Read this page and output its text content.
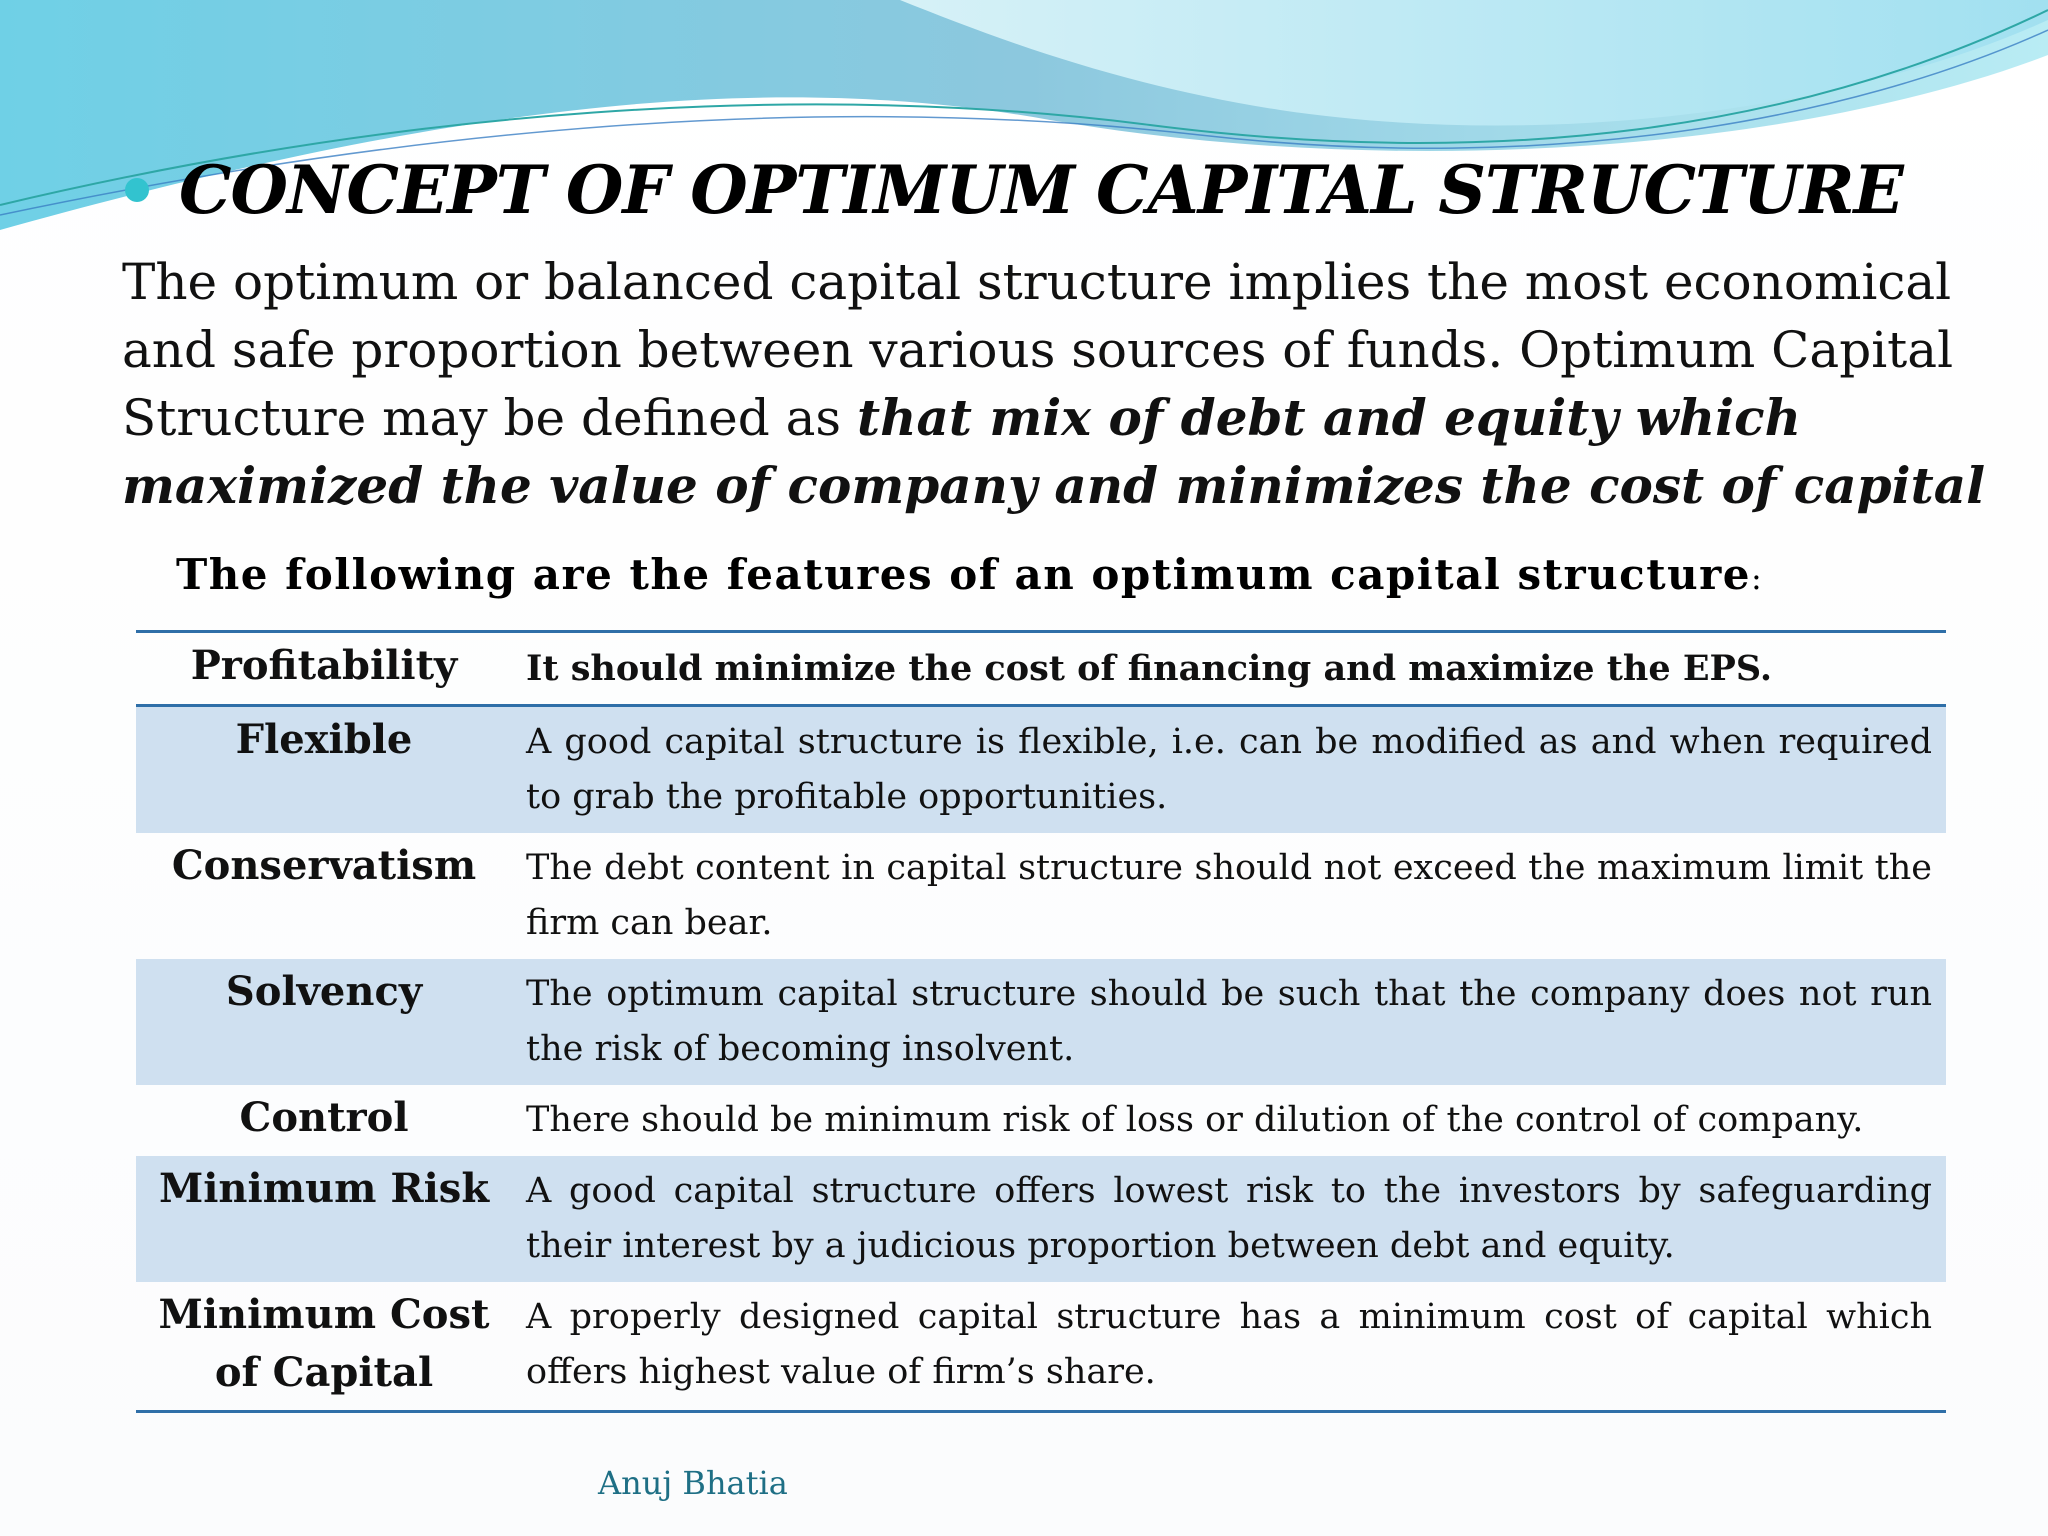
CONCEPT OF OPTIMUM CAPITAL STRUCTURE
The optimum or balanced capital structure implies the most economical and safe proportion between various sources of funds. Optimum Capital Structure may be defined as that mix of debt and equity which maximized the value of company and minimizes the cost of capital
The following are the features of an optimum capital structure:
Profitability	It should minimize the cost of financing and maximize the EPS.
Flexible	A good capital structure is flexible, i.e. can be modified as and when required to grab the profitable opportunities.
Conservatism	The debt content in capital structure should not exceed the maximum limit the firm can bear.
Solvency	The optimum capital structure should be such that the company does not run the risk of becoming insolvent.
Control	There should be minimum risk of loss or dilution of the control of company.
Minimum Risk	A good capital structure offers lowest risk to the investors by safeguarding their interest by a judicious proportion between debt and equity.
Minimum Cost of Capital	A properly designed capital structure has a minimum cost of capital which offers highest value of firm’s share.
Anuj Bhatia
